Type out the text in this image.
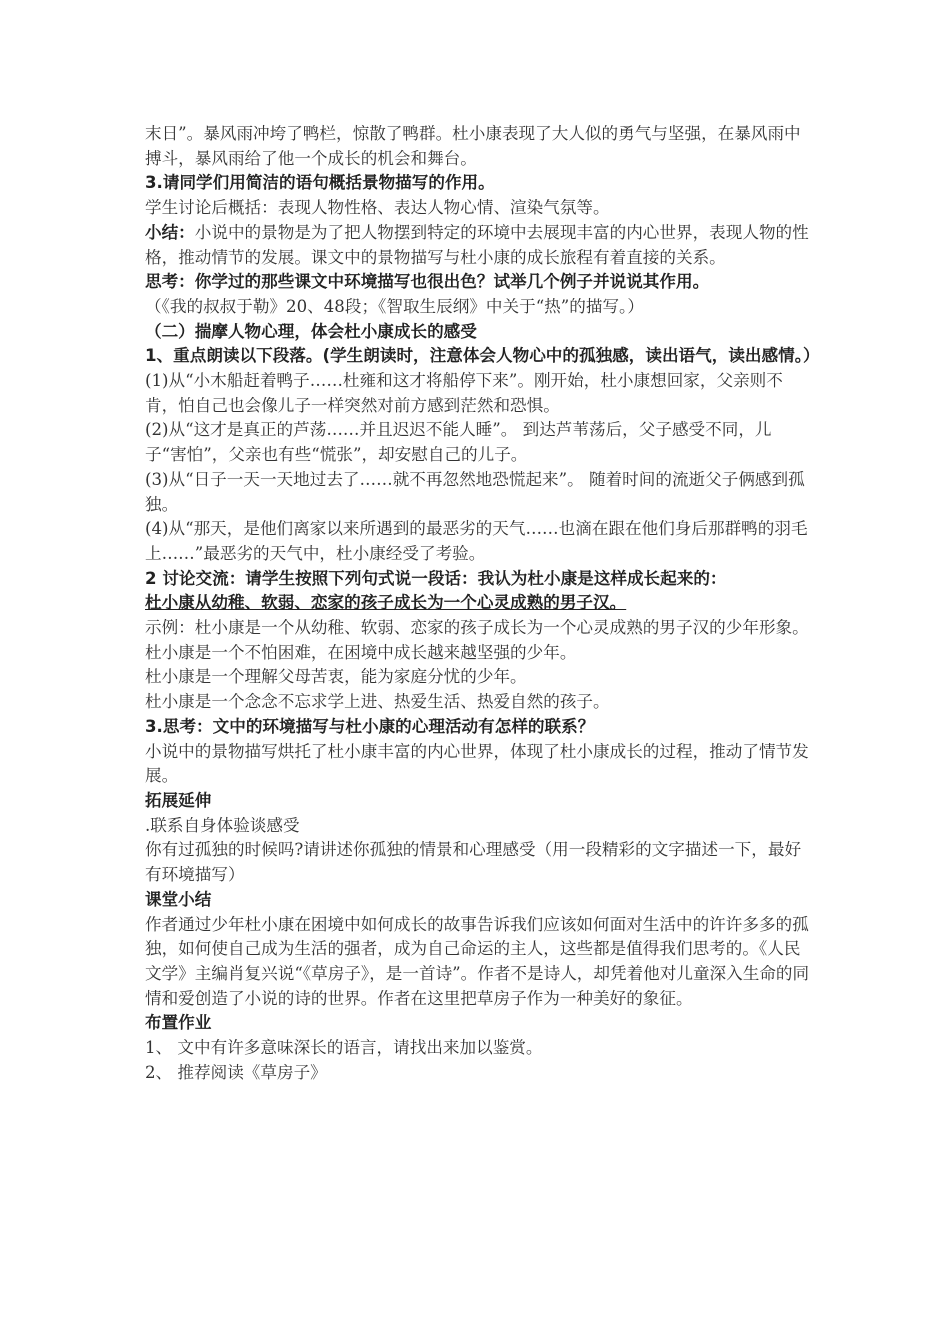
末日”。暴风雨冲垮了鸭栏，惊散了鸭群。杜小康表现了大人似的勇气与坚强，在暴风雨中搏斗，暴风雨给了他一个成长的机会和舞台。

3.请同学们用简洁的语句概括景物描写的作用。

学生讨论后概括：表现人物性格、表达人物心情、渲染气氛等。

小结：小说中的景物是为了把人物摆到特定的环境中去展现丰富的内心世界，表现人物的性格，推动情节的发展。课文中的景物描写与杜小康的成长旅程有着直接的关系。

思考：你学过的那些课文中环境描写也很出色？试举几个例子并说说其作用。

（《我的叔叔于勒》20、48段；《智取生辰纲》中关于“热”的描写。）

（二）揣摩人物心理，体会杜小康成长的感受

1、重点朗读以下段落。(学生朗读时，注意体会人物心中的孤独感，读出语气，读出感情。）

(1)从“小木船赶着鸭子……杜雍和这才将船停下来”。刚开始，杜小康想回家，父亲则不肯，怕自己也会像儿子一样突然对前方感到茫然和恐惧。

(2)从“这才是真正的芦荡……并且迟迟不能人睡”。 到达芦苇荡后，父子感受不同，儿子“害怕”，父亲也有些“慌张”，却安慰自己的儿子。

(3)从“日子一天一天地过去了……就不再忽然地恐慌起来”。 随着时间的流逝父子俩感到孤独。

(4)从“那天，是他们离家以来所遇到的最恶劣的天气……也滴在跟在他们身后那群鸭的羽毛上……”最恶劣的天气中，杜小康经受了考验。

2 讨论交流：请学生按照下列句式说一段话：我认为杜小康是这样成长起来的：

杜小康从幼稚、软弱、恋家的孩子成长为一个心灵成熟的男子汉。

示例：杜小康是一个从幼稚、软弱、恋家的孩子成长为一个心灵成熟的男子汉的少年形象。

杜小康是一个不怕困难，在困境中成长越来越坚强的少年。

杜小康是一个理解父母苦衷，能为家庭分忧的少年。

杜小康是一个念念不忘求学上进、热爱生活、热爱自然的孩子。

3.思考：文中的环境描写与杜小康的心理活动有怎样的联系？

小说中的景物描写烘托了杜小康丰富的内心世界，体现了杜小康成长的过程，推动了情节发展。

拓展延伸

.联系自身体验谈感受

你有过孤独的时候吗?请讲述你孤独的情景和心理感受（用一段精彩的文字描述一下，最好有环境描写）

课堂小结

作者通过少年杜小康在困境中如何成长的故事告诉我们应该如何面对生活中的许许多多的孤独，如何使自己成为生活的强者，成为自己命运的主人，这些都是值得我们思考的。《人民文学》主编肖复兴说“《草房子》，是一首诗”。作者不是诗人，却凭着他对儿童深入生命的同情和爱创造了小说的诗的世界。作者在这里把草房子作为一种美好的象征。

布置作业

1、 文中有许多意味深长的语言，请找出来加以鉴赏。

2、 推荐阅读《草房子》
